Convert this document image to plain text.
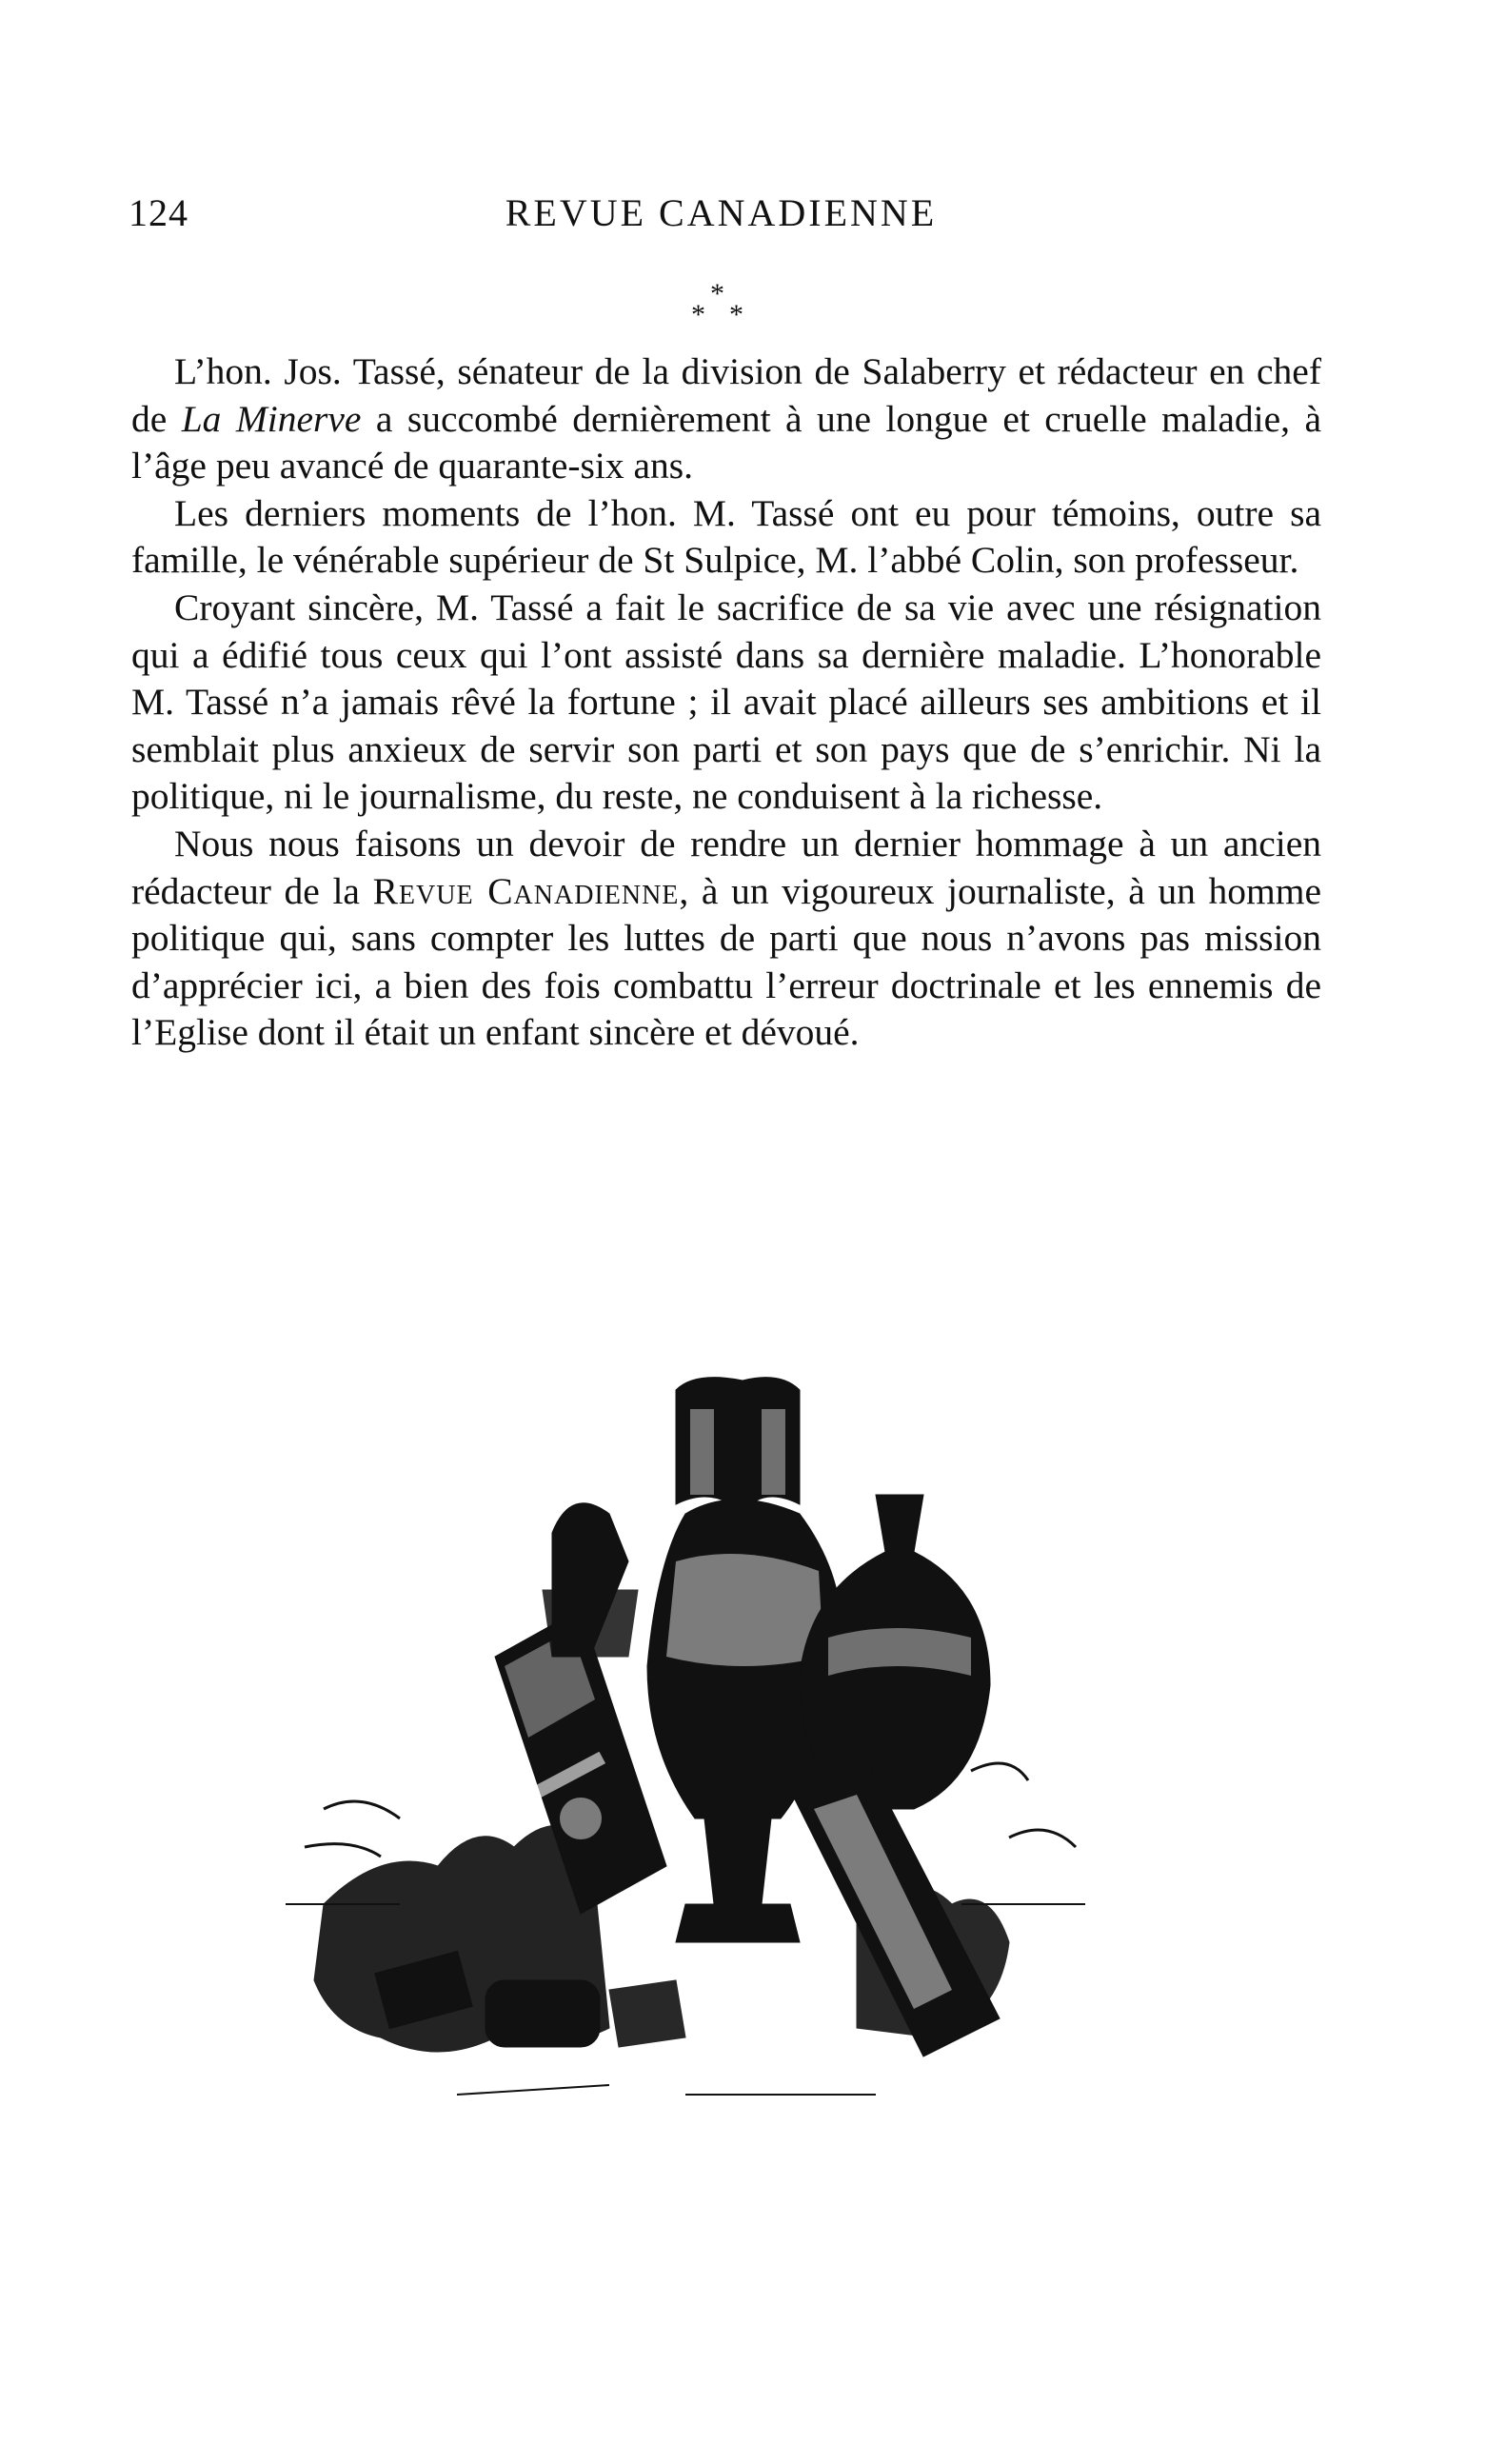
124	REVUE CANADIENNE
*
* *

L’hon. Jos. Tassé, sénateur de la division de Salaberry et rédacteur en chef de La Minerve a succombé dernièrement à une longue et cruelle maladie, à l’âge peu avancé de quarante-six ans.

Les derniers moments de l’hon. M. Tassé ont eu pour témoins, outre sa famille, le vénérable supérieur de St Sulpice, M. l’abbé Colin, son professeur.

Croyant sincère, M. Tassé a fait le sacrifice de sa vie avec une résignation qui a édifié tous ceux qui l’ont assisté dans sa dernière maladie. L’honorable M. Tassé n’a jamais rêvé la fortune ; il avait placé ailleurs ses ambitions et il semblait plus anxieux de servir son parti et son pays que de s’enrichir. Ni la politique, ni le journalisme, du reste, ne conduisent à la richesse.

Nous nous faisons un devoir de rendre un dernier hommage à un ancien rédacteur de la Revue Canadienne, à un vigoureux journaliste, à un homme politique qui, sans compter les luttes de parti que nous n’avons pas mission d’apprécier ici, a bien des fois combattu l’erreur doctrinale et les ennemis de l’Eglise dont il était un enfant sincère et dévoué.
